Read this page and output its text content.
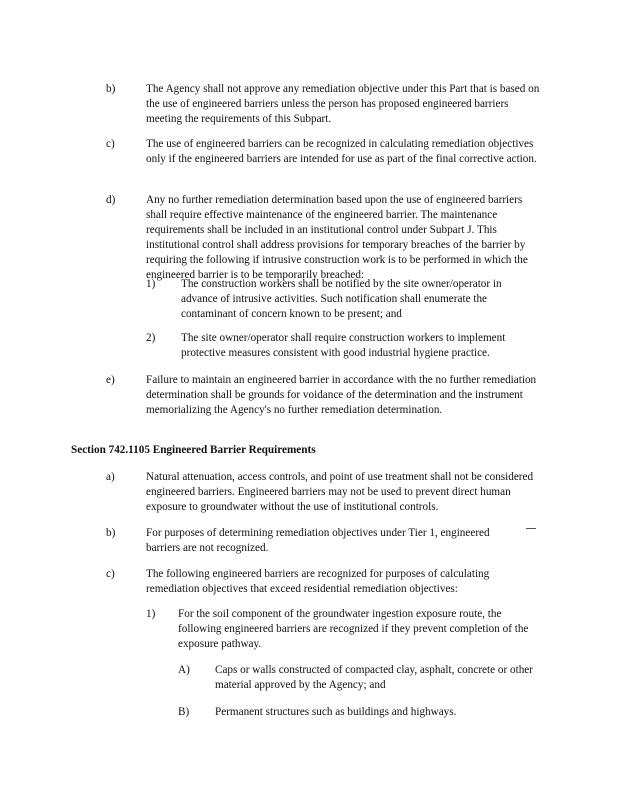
b)	The Agency shall not approve any remediation objective under this Part that is based on the use of engineered barriers unless the person has proposed engineered barriers meeting the requirements of this Subpart.
c)	The use of engineered barriers can be recognized in calculating remediation objectives only if the engineered barriers are intended for use as part of the final corrective action.
d)	Any no further remediation determination based upon the use of engineered barriers shall require effective maintenance of the engineered barrier. The maintenance requirements shall be included in an institutional control under Subpart J. This institutional control shall address provisions for temporary breaches of the barrier by requiring the following if intrusive construction work is to be performed in which the engineered barrier is to be temporarily breached:
1) The construction workers shall be notified by the site owner/operator in advance of intrusive activities. Such notification shall enumerate the contaminant of concern known to be present; and
2) The site owner/operator shall require construction workers to implement protective measures consistent with good industrial hygiene practice.
e)	Failure to maintain an engineered barrier in accordance with the no further remediation determination shall be grounds for voidance of the determination and the instrument memorializing the Agency's no further remediation determination.
Section 742.1105 Engineered Barrier Requirements
a)	Natural attenuation, access controls, and point of use treatment shall not be considered engineered barriers. Engineered barriers may not be used to prevent direct human exposure to groundwater without the use of institutional controls.
b)	For purposes of determining remediation objectives under Tier 1, engineered barriers are not recognized.
c)	The following engineered barriers are recognized for purposes of calculating remediation objectives that exceed residential remediation objectives:
1) For the soil component of the groundwater ingestion exposure route, the following engineered barriers are recognized if they prevent completion of the exposure pathway.
A) Caps or walls constructed of compacted clay, asphalt, concrete or other material approved by the Agency; and
B) Permanent structures such as buildings and highways.
